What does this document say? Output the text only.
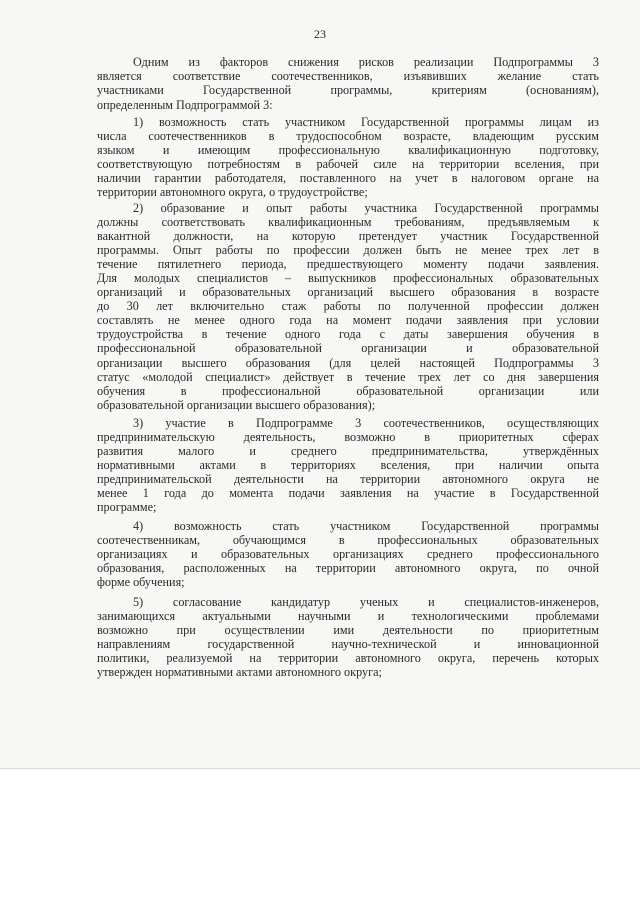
23
Одним из факторов снижения рисков реализации Подпрограммы 3
является соответствие соотечественников, изъявивших желание стать
участниками Государственной программы, критериям (основаниям),
определенным Подпрограммой 3:
1) возможность стать участником Государственной программы лицам из
числа соотечественников в трудоспособном возрасте, владеющим русским
языком и имеющим профессиональную квалификационную подготовку,
соответствующую потребностям в рабочей силе на территории вселения, при
наличии гарантии работодателя, поставленного на учет в налоговом органе на
территории автономного округа, о трудоустройстве;
2) образование и опыт работы участника Государственной программы
должны соответствовать квалификационным требованиям, предъявляемым к
вакантной должности, на которую претендует участник Государственной
программы. Опыт работы по профессии должен быть не менее трех лет в
течение пятилетнего периода, предшествующего моменту подачи заявления.
Для молодых специалистов – выпускников профессиональных образовательных
организаций и образовательных организаций высшего образования в возрасте
до 30 лет включительно стаж работы по полученной профессии должен
составлять не менее одного года на момент подачи заявления при условии
трудоустройства в течение одного года с даты завершения обучения в
профессиональной образовательной организации и образовательной
организации высшего образования (для целей настоящей Подпрограммы 3
статус «молодой специалист» действует в течение трех лет со дня завершения
обучения в профессиональной образовательной организации или
образовательной организации высшего образования);
3) участие в Подпрограмме 3 соотечественников, осуществляющих
предпринимательскую деятельность, возможно в приоритетных сферах
развития малого и среднего предпринимательства, утверждённых
нормативными актами в территориях вселения, при наличии опыта
предпринимательской деятельности на территории автономного округа не
менее 1 года до момента подачи заявления на участие в Государственной
программе;
4) возможность стать участником Государственной программы
соотечественникам, обучающимся в профессиональных образовательных
организациях и образовательных организациях среднего профессионального
образования, расположенных на территории автономного округа, по очной
форме обучения;
5) согласование кандидатур ученых и специалистов-инженеров,
занимающихся актуальными научными и технологическими проблемами
возможно при осуществлении ими деятельности по приоритетным
направлениям государственной научно-технической и инновационной
политики, реализуемой на территории автономного округа, перечень которых
утвержден нормативными актами автономного округа;
